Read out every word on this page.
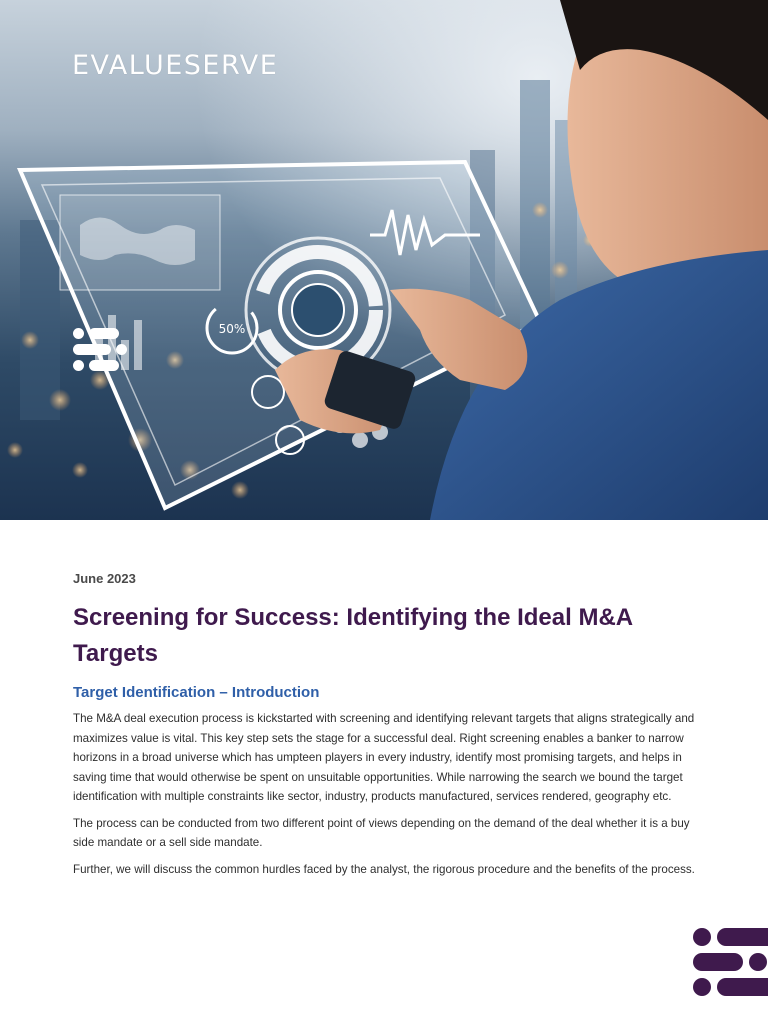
50%
EVALUESERVE
June 2023
Screening for Success: Identifying the Ideal M&A Targets
Target Identification – Introduction

The M&A deal execution process is kickstarted with screening and identifying relevant targets that aligns strategically and maximizes value is vital. This key step sets the stage for a successful deal. Right screening enables a banker to narrow horizons in a broad universe which has umpteen players in every industry, identify most promising targets, and helps in saving time that would otherwise be spent on unsuitable opportunities. While narrowing the search we bound the target identification with multiple constraints like sector, industry, products manufactured, services rendered, geography etc.

The process can be conducted from two different point of views depending on the demand of the deal whether it is a buy side mandate or a sell side mandate.

Further, we will discuss the common hurdles faced by the analyst, the rigorous procedure and the benefits of the process.
